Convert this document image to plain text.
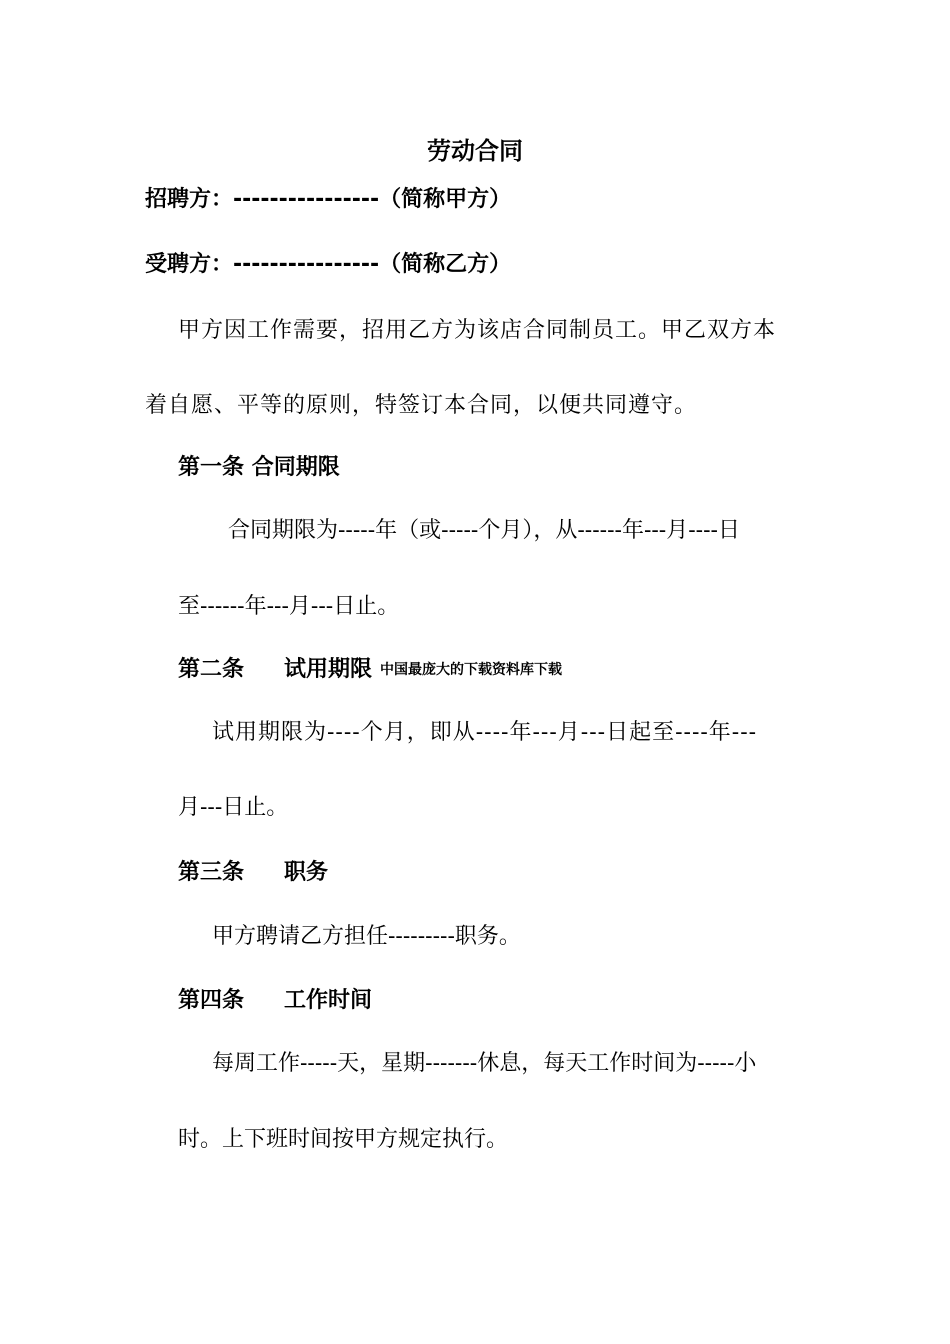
劳动合同
招聘方：----------------（简称甲方）
受聘方：----------------（简称乙方）
甲方因工作需要，招用乙方为该店合同制员工。甲乙双方本
着自愿、平等的原则，特签订本合同，以便共同遵守。
第一条 合同期限
合同期限为-----年（或-----个月），从------年---月----日
至------年---月---日止。
第二条 试用期限 中国最庞大的下载资料库下载
试用期限为----个月，即从----年---月---日起至----年---
月---日止。
第三条 职务
甲方聘请乙方担任---------职务。
第四条 工作时间
每周工作-----天，星期-------休息，每天工作时间为-----小
时。上下班时间按甲方规定执行。
